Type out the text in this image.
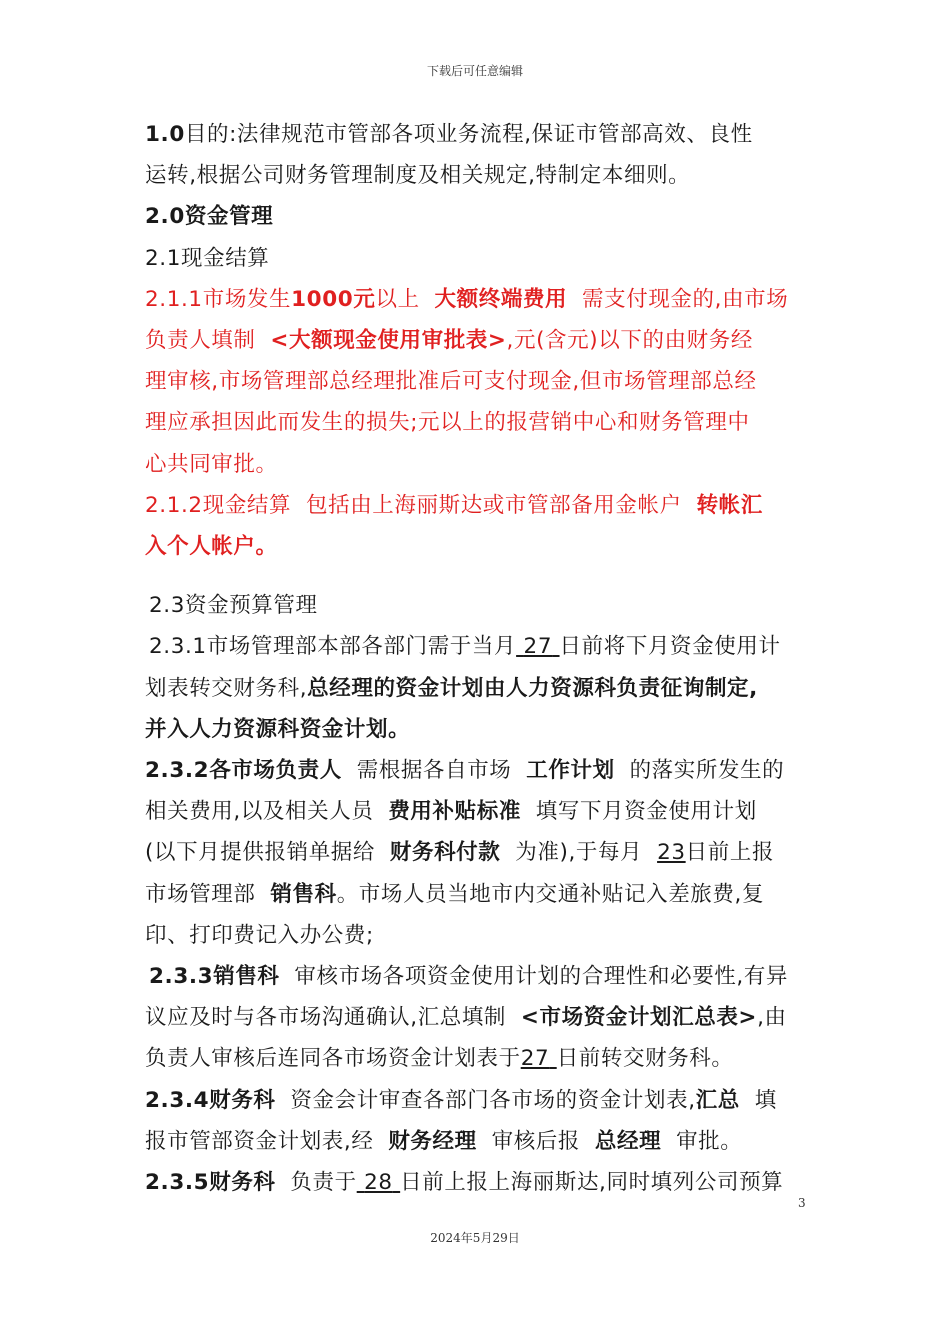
下载后可任意编辑

1.0目的:法律规范市管部各项业务流程,保证市管部高效、良性

运转,根据公司财务管理制度及相关规定,特制定本细则。

2.0资金管理

2.1现金结算

2.1.1市场发生1000元以上 大额终端费用 需支付现金的,由市场

负责人填制 <大额现金使用审批表>,元(含元)以下的由财务经

理审核,市场管理部总经理批准后可支付现金,但市场管理部总经

理应承担因此而发生的损失;元以上的报营销中心和财务管理中

心共同审批。

2.1.2现金结算 包括由上海丽斯达或市管部备用金帐户 转帐汇

入个人帐户。

2.3资金预算管理

2.3.1市场管理部本部各部门需于当月 27 日前将下月资金使用计

划表转交财务科,总经理的资金计划由人力资源科负责征询制定,

并入人力资源科资金计划。

2.3.2各市场负责人 需根据各自市场 工作计划 的落实所发生的

相关费用,以及相关人员 费用补贴标准 填写下月资金使用计划

(以下月提供报销单据给 财务科付款 为准),于每月 23日前上报

市场管理部 销售科。市场人员当地市内交通补贴记入差旅费,复

印、打印费记入办公费;

2.3.3销售科 审核市场各项资金使用计划的合理性和必要性,有异

议应及时与各市场沟通确认,汇总填制 <市场资金计划汇总表>,由

负责人审核后连同各市场资金计划表于27 日前转交财务科。

2.3.4财务科 资金会计审查各部门各市场的资金计划表,汇总 填

报市管部资金计划表,经 财务经理 审核后报 总经理 审批。

2.3.5财务科 负责于 28 日前上报上海丽斯达,同时填列公司预算

3
2024年5月29日
